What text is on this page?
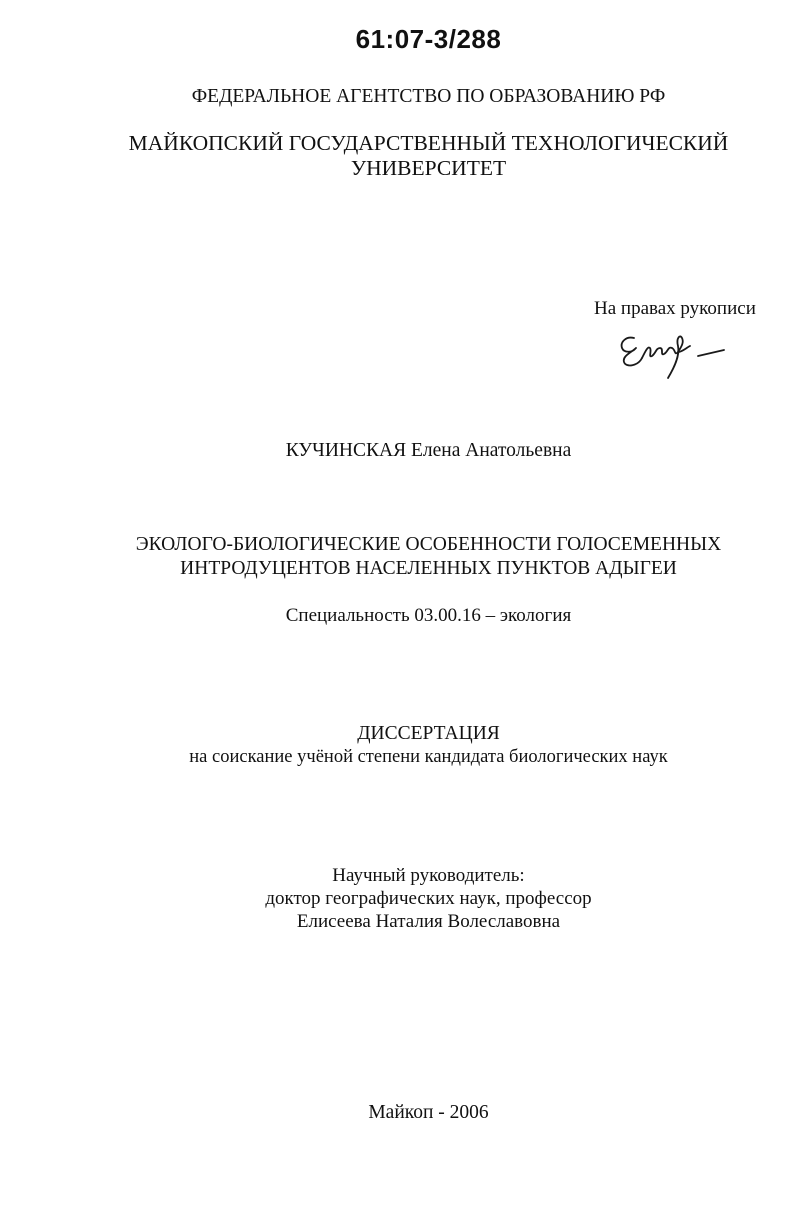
61:07-3/288
ФЕДЕРАЛЬНОЕ АГЕНТСТВО ПО ОБРАЗОВАНИЮ РФ
МАЙКОПСКИЙ ГОСУДАРСТВЕННЫЙ ТЕХНОЛОГИЧЕСКИЙ
УНИВЕРСИТЕТ
На правах рукописи
КУЧИНСКАЯ Елена Анатольевна
ЭКОЛОГО-БИОЛОГИЧЕСКИЕ ОСОБЕННОСТИ ГОЛОСЕМЕННЫХ
ИНТРОДУЦЕНТОВ НАСЕЛЕННЫХ ПУНКТОВ АДЫГЕИ
Специальность 03.00.16 – экология
ДИССЕРТАЦИЯ
на соискание учёной степени кандидата биологических наук
Научный руководитель:
доктор географических наук, профессор
Елисеева Наталия Волеславовна
Майкоп - 2006
